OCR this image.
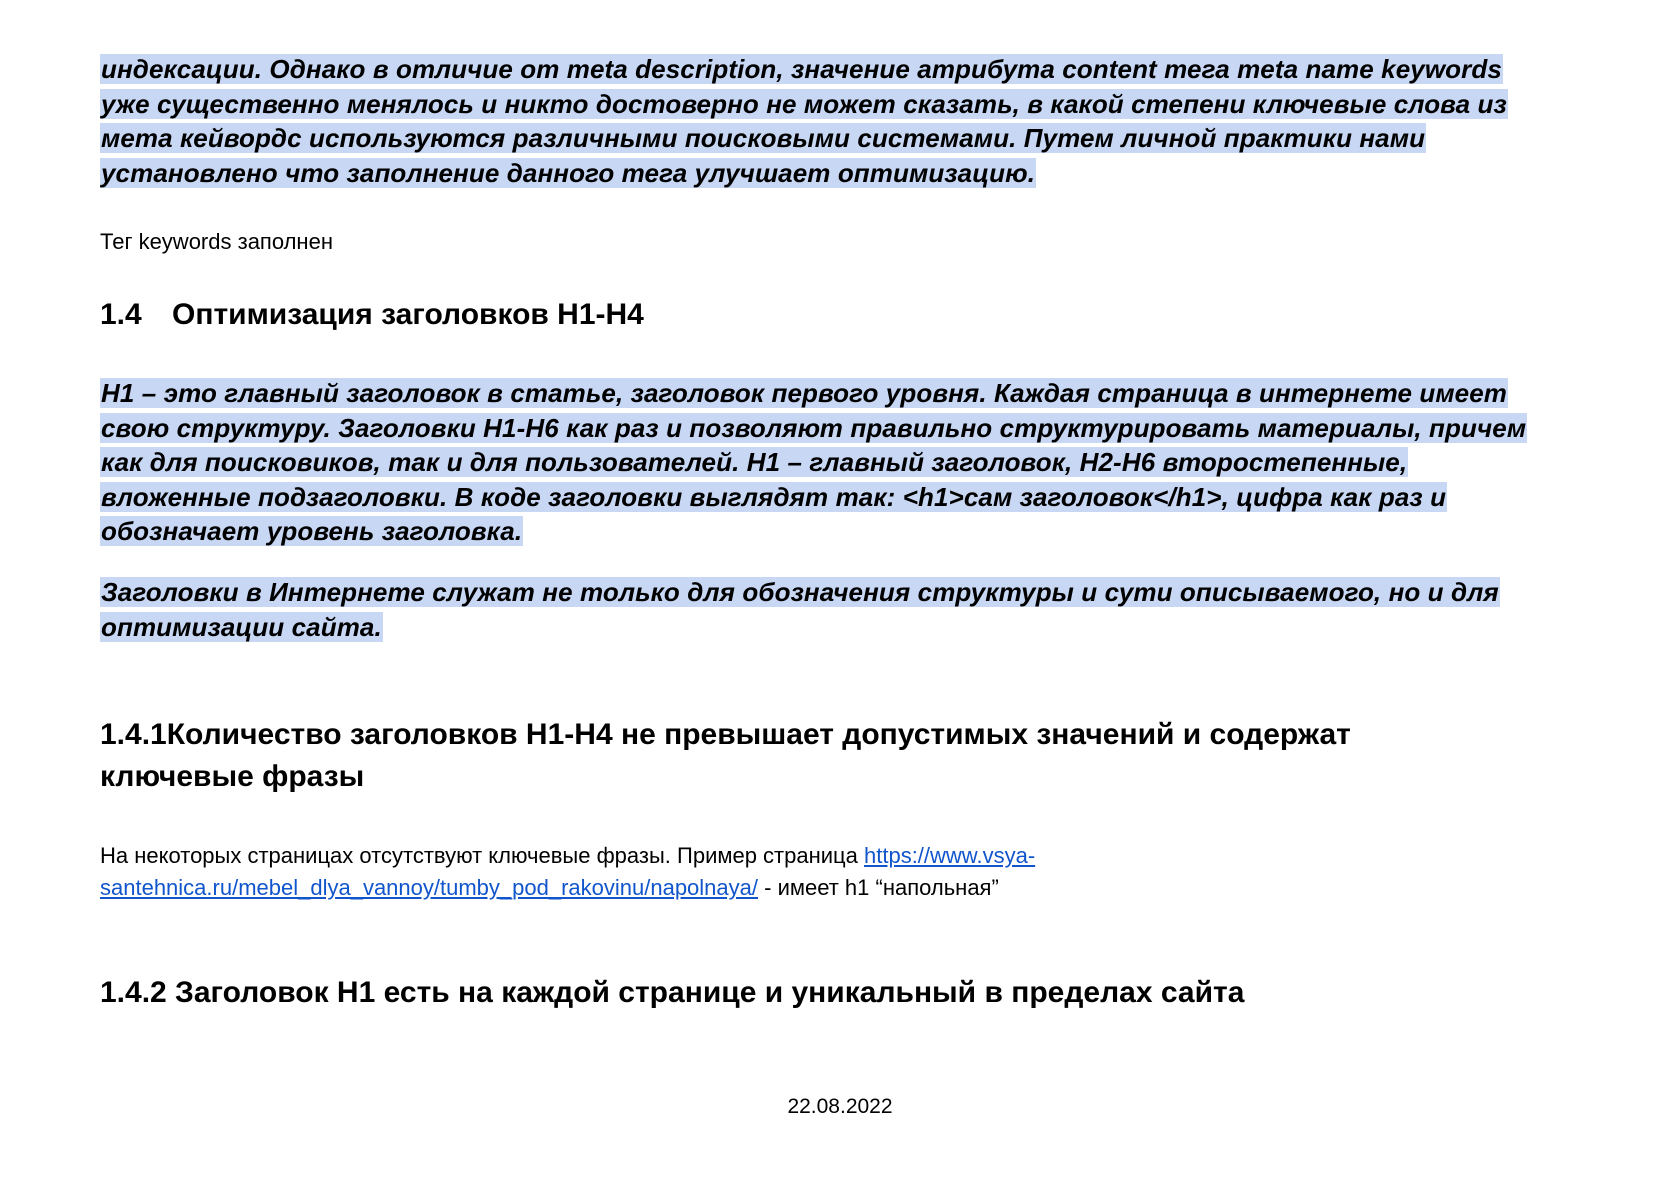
индексации. Однако в отличие от meta description, значение атрибута content тега meta name keywords
уже существенно менялось и никто достоверно не может сказать, в какой степени ключевые слова из
мета кейвордс используются различными поисковыми системами. Путем личной практики нами
установлено что заполнение данного тега улучшает оптимизацию.

Тег keywords заполнен

1.4 Оптимизация заголовков H1-H4

H1 – это главный заголовок в статье, заголовок первого уровня. Каждая страница в интернете имеет
свою структуру. Заголовки H1-H6 как раз и позволяют правильно структурировать материалы, причем
как для поисковиков, так и для пользователей. H1 – главный заголовок, H2-H6 второстепенные,
вложенные подзаголовки. В коде заголовки выглядят так: <h1>сам заголовок</h1>, цифра как раз и
обозначает уровень заголовка.

Заголовки в Интернете служат не только для обозначения структуры и сути описываемого, но и для
оптимизации сайта.

1.4.1Количество заголовков H1-H4 не превышает допустимых значений и содержат

ключевые фразы

На некоторых страницах отсутствуют ключевые фразы. Пример страница https://www.vsya-

santehnica.ru/mebel_dlya_vannoy/tumby_pod_rakovinu/napolnaya/ - имеет h1 “напольная”

1.4.2 Заголовок H1 есть на каждой странице и уникальный в пределах сайта

22.08.2022
